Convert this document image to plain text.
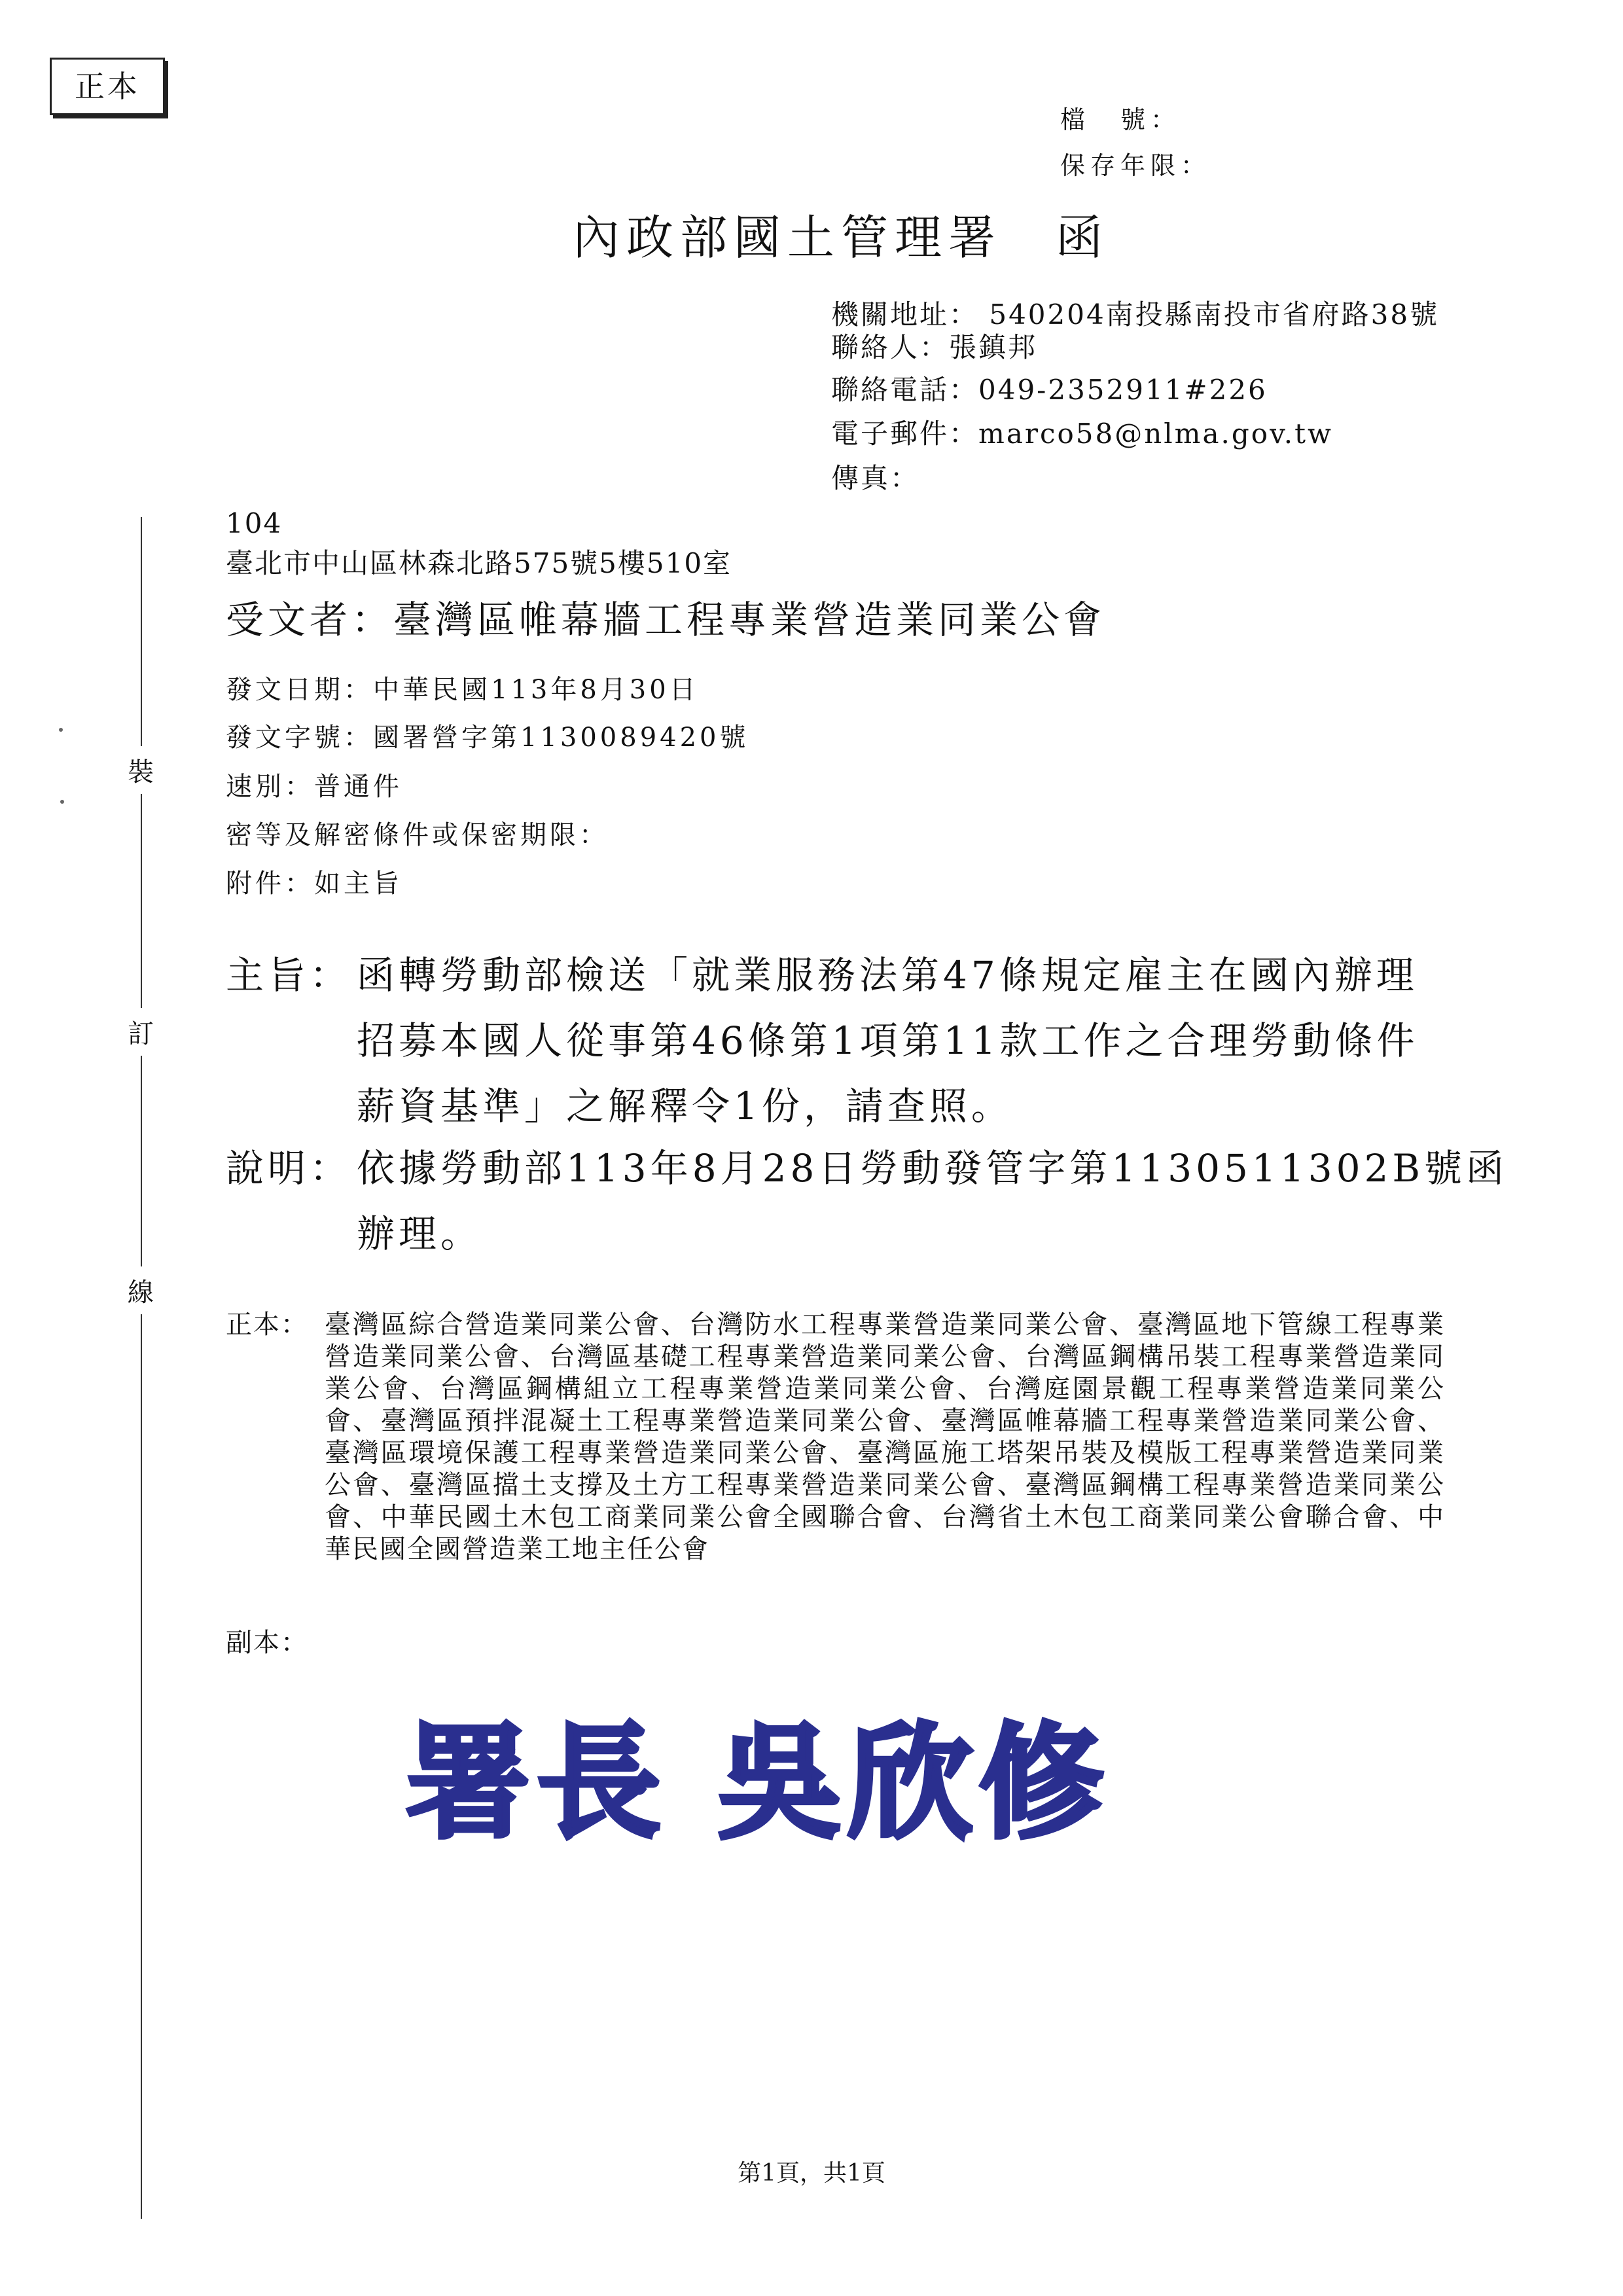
正本
檔　號：
保存年限：
內政部國土管理署　函
機關地址： 540204南投縣南投市省府路38號
聯絡人：張鎮邦
聯絡電話：049-2352911#226
電子郵件：marco58@nlma.gov.tw
傳真：
裝
訂
線
104
臺北市中山區林森北路575號5樓510室
受文者：臺灣區帷幕牆工程專業營造業同業公會
發文日期：中華民國113年8月30日
發文字號：國署營字第1130089420號
速別：普通件
密等及解密條件或保密期限：
附件：如主旨
主旨： 函轉勞動部檢送「就業服務法第47條規定雇主在國內辦理
招募本國人從事第46條第1項第11款工作之合理勞動條件
薪資基準」之解釋令1份，請查照。
說明： 依據勞動部113年8月28日勞動發管字第1130511302B號函
辦理。
正本： 臺灣區綜合營造業同業公會、台灣防水工程專業營造業同業公會、臺灣區地下管線工程專業營造業同業公會、台灣區基礎工程專業營造業同業公會、台灣區鋼構吊裝工程專業營造業同業公會、台灣區鋼構組立工程專業營造業同業公會、台灣庭園景觀工程專業營造業同業公會、臺灣區預拌混凝土工程專業營造業同業公會、臺灣區帷幕牆工程專業營造業同業公會、臺灣區環境保護工程專業營造業同業公會、臺灣區施工塔架吊裝及模版工程專業營造業同業公會、臺灣區擋土支撐及土方工程專業營造業同業公會、臺灣區鋼構工程專業營造業同業公會、中華民國土木包工商業同業公會全國聯合會、台灣省土木包工商業同業公會聯合會、中華民國全國營造業工地主任公會
副本：
署長 吳欣修
第1頁，共1頁
